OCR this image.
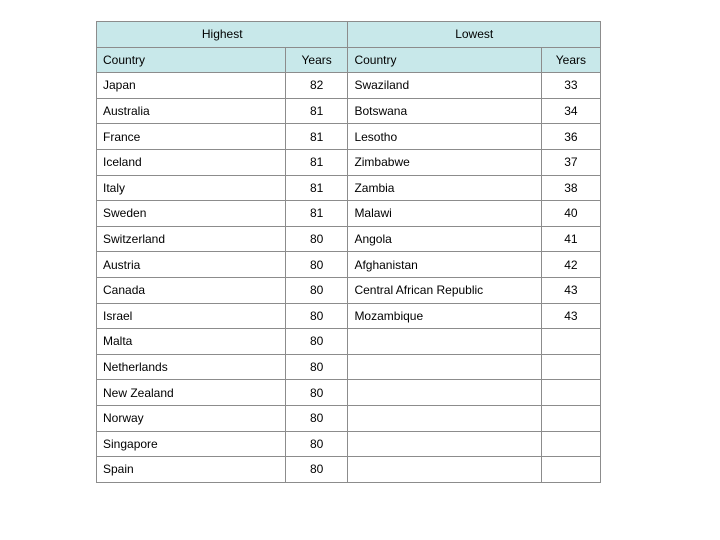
Highest		Lowest	
Country	Years	Country	Years
Japan	82	Swaziland	33
Australia	81	Botswana	34
France	81	Lesotho	36
Iceland	81	Zimbabwe	37
Italy	81	Zambia	38
Sweden	81	Malawi	40
Switzerland	80	Angola	41
Austria	80	Afghanistan	42
Canada	80	Central African Republic	43
Israel	80	Mozambique	43
Malta	80		
Netherlands	80		
New Zealand	80		
Norway	80		
Singapore	80		
Spain	80		
